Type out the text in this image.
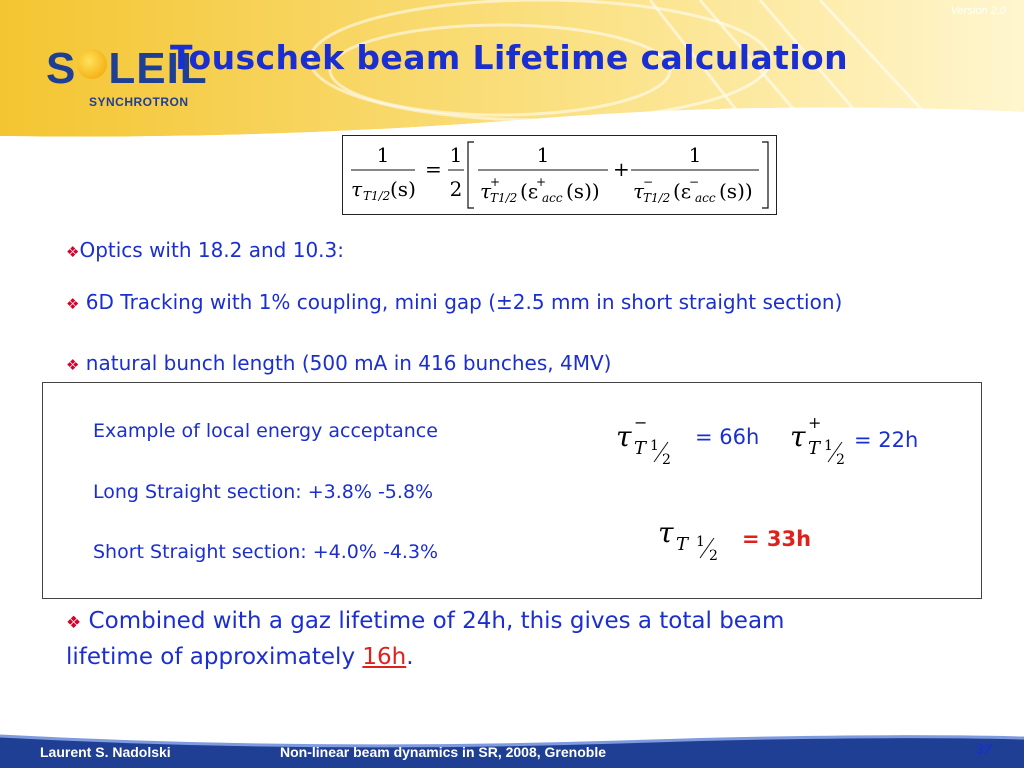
Version 2.0
S LEIL
SYNCHROTRON
Touschek beam Lifetime calculation
1
τ T1/2 (s)
=
1
2
1
τ
+
T1/2 (ε
+
acc (s))
+
1
τ
−
T1/2 (ε
−
acc (s))
❖Optics with 18.2 and 10.3:
❖ 6D Tracking with 1% coupling, mini gap (±2.5 mm in short straight section)
❖ natural bunch length (500 mA in 416 bunches, 4MV)
Example of local energy acceptance
Long Straight section: +3.8% -5.8%
Short Straight section: +4.0% -4.3%
τ −
T 1
2
= 66h τ +
T 1
2
= 22h
τ T 1
2
= 33h
❖ Combined with a gaz lifetime of 24h, this gives a total beam
lifetime of approximately 16h.
Laurent S. Nadolski	Non-linear beam dynamics in SR, 2008, Grenoble	37
